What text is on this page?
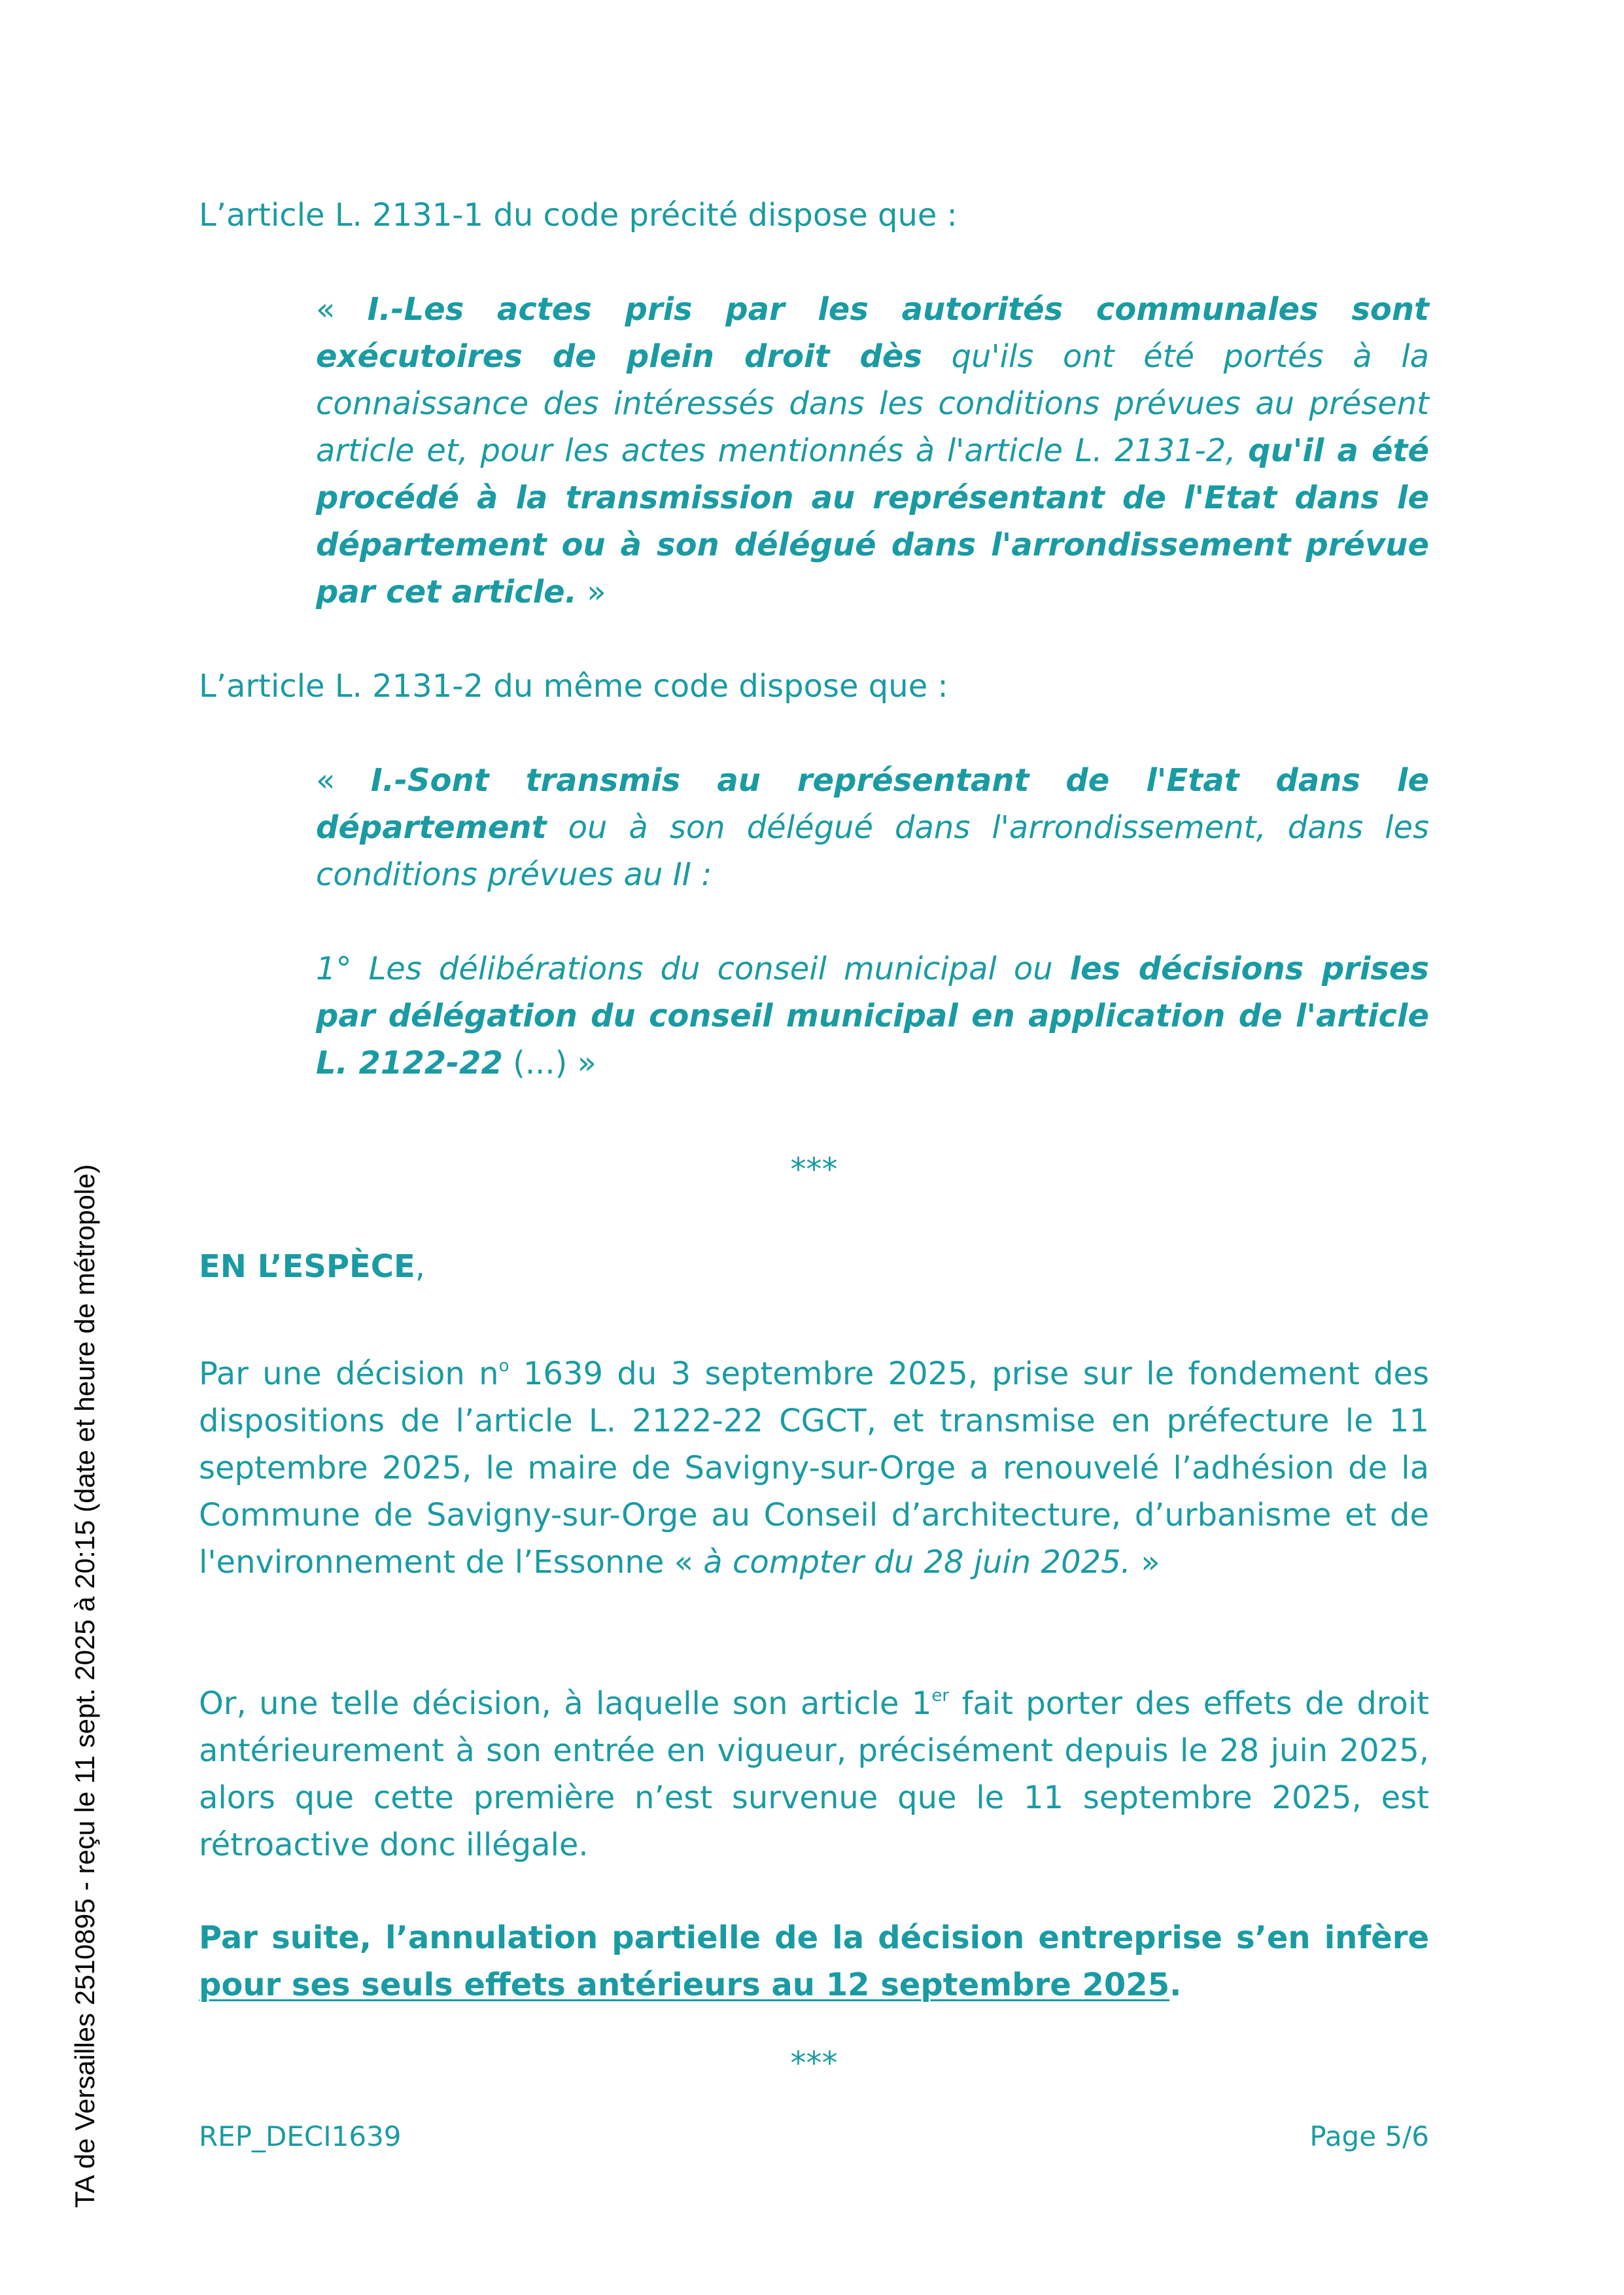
TA de Versailles 2510895 - reçu le 11 sept. 2025 à 20:15 (date et heure de métropole)

L’article L. 2131-1 du code précité dispose que :

« I.-Les actes pris par les autorités communales sont exécutoires de plein droit dès qu'ils ont été portés à la connaissance des intéressés dans les conditions prévues au présent article et, pour les actes mentionnés à l'article L. 2131-2, qu'il a été procédé à la transmission au représentant de l'Etat dans le département ou à son délégué dans l'arrondissement prévue par cet article. »

L’article L. 2131-2 du même code dispose que :

« I.-Sont transmis au représentant de l'Etat dans le département ou à son délégué dans l'arrondissement, dans les conditions prévues au II :

1° Les délibérations du conseil municipal ou les décisions prises par délégation du conseil municipal en application de l'article L. 2122-22 (...) »

***

EN L’ESPÈCE,

Par une décision $n^o$ 1639 du 3 septembre 2025, prise sur le fondement des dispositions de l’article L. 2122-22 CGCT, et transmise en préfecture le 11 septembre 2025, le maire de Savigny-sur-Orge a renouvelé l’adhésion de la Commune de Savigny-sur-Orge au Conseil d’architecture, d’urbanisme et de l'environnement de l’Essonne « à compter du 28 juin 2025. »

Or, une telle décision, à laquelle son article 1er fait porter des effets de droit antérieurement à son entrée en vigueur, précisément depuis le 28 juin 2025, alors que cette première n’est survenue que le 11 septembre 2025, est rétroactive donc illégale.

Par suite, l’annulation partielle de la décision entreprise s’en infère pour ses seuls effets antérieurs au 12 septembre 2025.

***

REP_DECI1639	Page 5/6
